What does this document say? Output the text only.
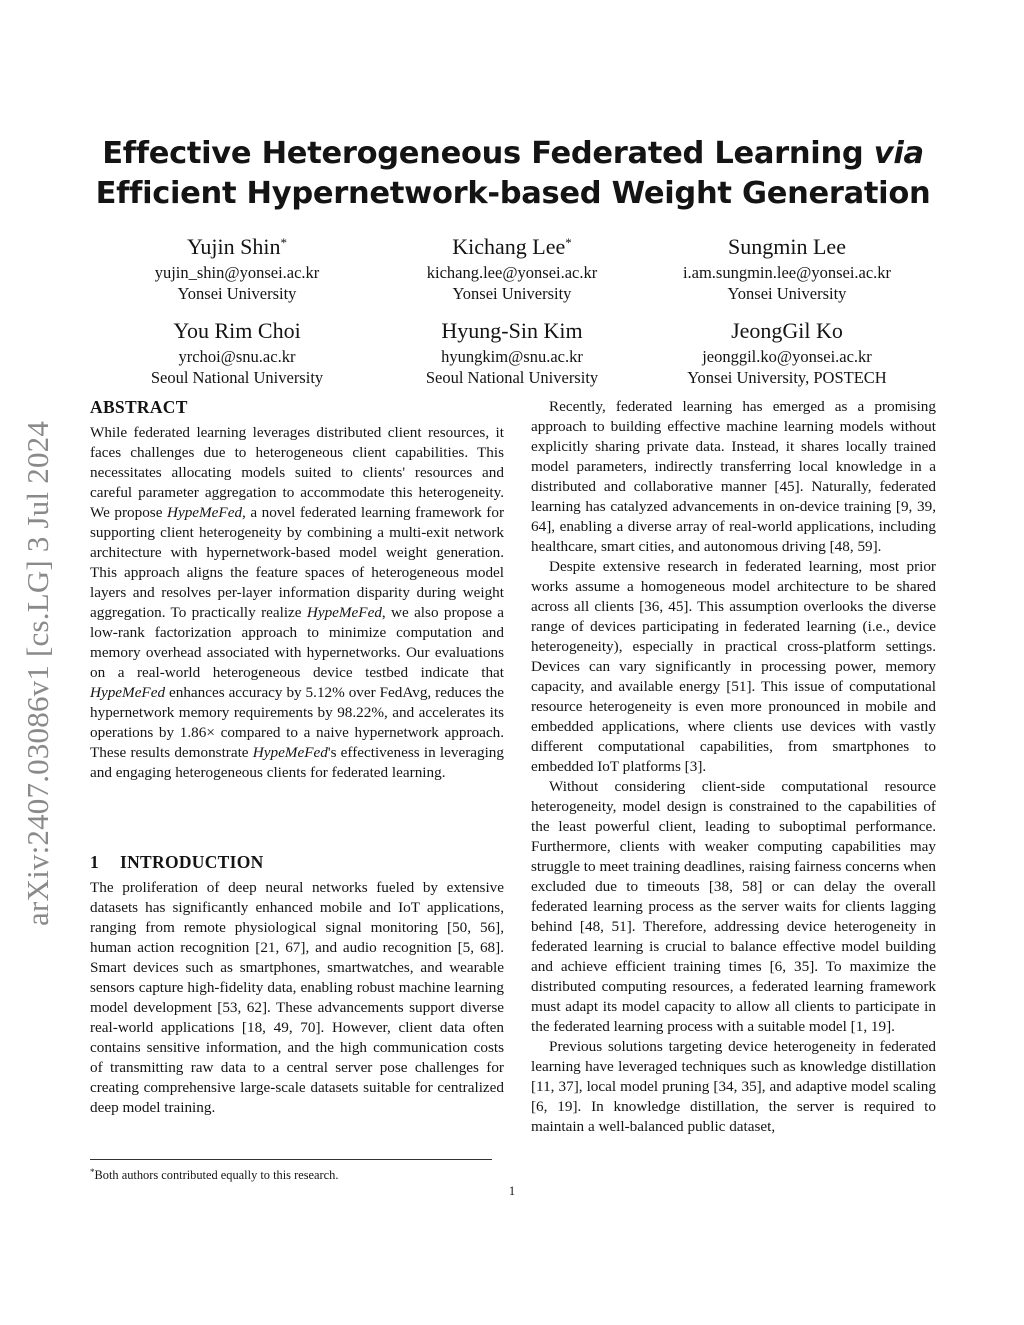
arXiv:2407.03086v1 [cs.LG] 3 Jul 2024
Effective Heterogeneous Federated Learning via
Efficient Hypernetwork-based Weight Generation
Yujin Shin*
yujin_shin@yonsei.ac.kr
Yonsei University
Kichang Lee*
kichang.lee@yonsei.ac.kr
Yonsei University
Sungmin Lee
i.am.sungmin.lee@yonsei.ac.kr
Yonsei University
You Rim Choi
yrchoi@snu.ac.kr
Seoul National University
Hyung-Sin Kim
hyungkim@snu.ac.kr
Seoul National University
JeongGil Ko
jeonggil.ko@yonsei.ac.kr
Yonsei University, POSTECH
ABSTRACT

While federated learning leverages distributed client resources, it faces challenges due to heterogeneous client capabilities. This necessitates allocating models suited to clients' resources and careful parameter aggregation to accommodate this heterogeneity. We propose HypeMeFed, a novel federated learning framework for supporting client heterogeneity by combining a multi-exit network architecture with hypernetwork-based model weight generation. This approach aligns the feature spaces of heterogeneous model layers and resolves per-layer information disparity during weight aggregation. To practically realize HypeMeFed, we also propose a low-rank factorization approach to minimize computation and memory overhead associated with hypernetworks. Our evaluations on a real-world heterogeneous device testbed indicate that HypeMeFed enhances accuracy by 5.12% over FedAvg, reduces the hypernetwork memory requirements by 98.22%, and accelerates its operations by 1.86× compared to a naive hypernetwork approach. These results demonstrate HypeMeFed's effectiveness in leveraging and engaging heterogeneous clients for federated learning.

1 INTRODUCTION

The proliferation of deep neural networks fueled by extensive datasets has significantly enhanced mobile and IoT applications, ranging from remote physiological signal monitoring [50, 56], human action recognition [21, 67], and audio recognition [5, 68]. Smart devices such as smartphones, smartwatches, and wearable sensors capture high-fidelity data, enabling robust machine learning model development [53, 62]. These advancements support diverse real-world applications [18, 49, 70]. However, client data often contains sensitive information, and the high communication costs of transmitting raw data to a central server pose challenges for creating comprehensive large-scale datasets suitable for centralized deep model training.

Recently, federated learning has emerged as a promising approach to building effective machine learning models without explicitly sharing private data. Instead, it shares locally trained model parameters, indirectly transferring local knowledge in a distributed and collaborative manner [45]. Naturally, federated learning has catalyzed advancements in on-device training [9, 39, 64], enabling a diverse array of real-world applications, including healthcare, smart cities, and autonomous driving [48, 59].

Despite extensive research in federated learning, most prior works assume a homogeneous model architecture to be shared across all clients [36, 45]. This assumption overlooks the diverse range of devices participating in federated learning (i.e., device heterogeneity), especially in practical cross-platform settings. Devices can vary significantly in processing power, memory capacity, and available energy [51]. This issue of computational resource heterogeneity is even more pronounced in mobile and embedded applications, where clients use devices with vastly different computational capabilities, from smartphones to embedded IoT platforms [3].

Without considering client-side computational resource heterogeneity, model design is constrained to the capabilities of the least powerful client, leading to suboptimal performance. Furthermore, clients with weaker computing capabilities may struggle to meet training deadlines, raising fairness concerns when excluded due to timeouts [38, 58] or can delay the overall federated learning process as the server waits for clients lagging behind [48, 51]. Therefore, addressing device heterogeneity in federated learning is crucial to balance effective model building and achieve efficient training times [6, 35]. To maximize the distributed computing resources, a federated learning framework must adapt its model capacity to allow all clients to participate in the federated learning process with a suitable model [1, 19].

Previous solutions targeting device heterogeneity in federated learning have leveraged techniques such as knowledge distillation [11, 37], local model pruning [34, 35], and adaptive model scaling [6, 19]. In knowledge distillation, the server is required to maintain a well-balanced public dataset,

*Both authors contributed equally to this research.
1
